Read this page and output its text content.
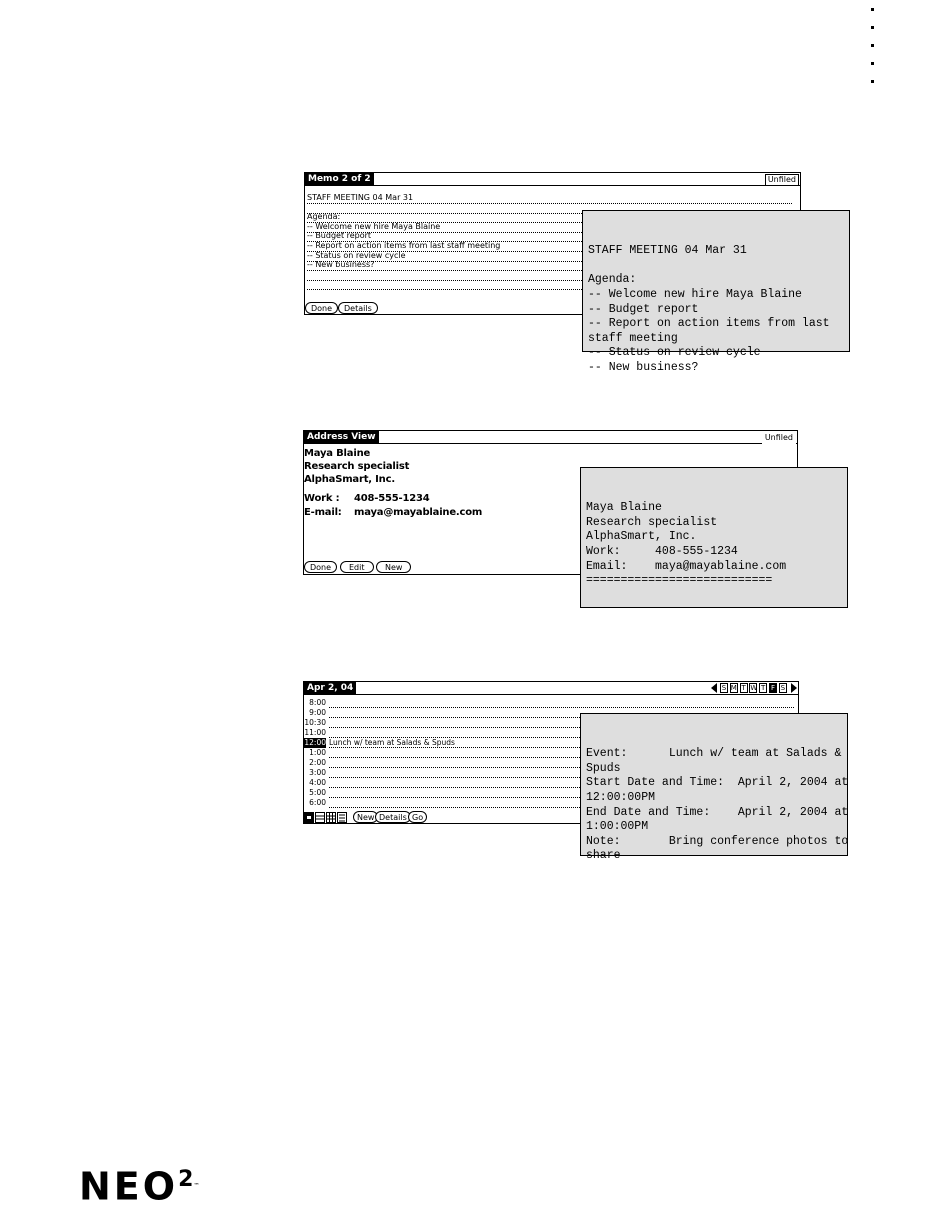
Memo 2 of 2	Unfiled
STAFF MEETING 04 Mar 31
Agenda:
-- Welcome new hire Maya Blaine
-- Budget report
-- Report on action items from last staff meeting
-- Status on review cycle
-- New business?
Done	Details

STAFF MEETING 04 Mar 31

Agenda:
-- Welcome new hire Maya Blaine
-- Budget report
-- Report on action items from last
staff meeting
-- Status on review cycle
-- New business?

Address View	Unfiled
Maya Blaine
Research specialist
AlphaSmart, Inc.
Work : 408-555-1234
E-mail: maya@mayablaine.com
Done	Edit	New

Maya Blaine
Research specialist
AlphaSmart, Inc.
Work:     408-555-1234
Email:    maya@mayablaine.com
===========================

Apr 2, 04	S M T W T F S
8:00
9:00
10:30
11:00
12:00 Lunch w/ team at Salads & Spuds
1:00
2:00
3:00
4:00
5:00
6:00
New Details Go

Event:      Lunch w/ team at Salads &
Spuds
Start Date and Time:  April 2, 2004 at
12:00:00PM
End Date and Time:    April 2, 2004 at
1:00:00PM
Note:       Bring conference photos to
share

NEO$^2$™
